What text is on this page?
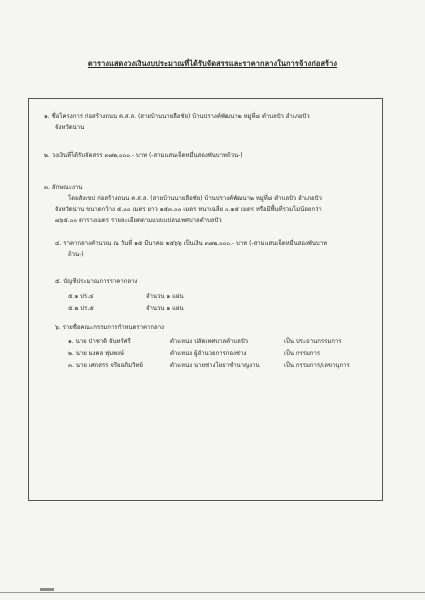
ตารางแสดงวงเงินงบประมาณที่ได้รับจัดสรรและราคากลางในการจ้างก่อสร้าง
๑. ชื่อโครงการ ก่อสร้างถนน ค.ส.ล. (สายบ้านนายลือชัย) บ้านปรางค์พัฒนา๒ หมู่ที่๘ ตำบลปัว อำเภอปัว
จังหวัดน่าน
๒. วงเงินที่ได้รับจัดสรร ๓๗๒,๐๐๐.- บาท (-สามแสนเจ็ดหมื่นสองพันบาทถ้วน-)
๓. ลักษณะงาน
โดยสังเขป ก่อสร้างถนน ค.ส.ล. (สายบ้านนายลือชัย) บ้านปรางค์พัฒนา๒ หมู่ที่๘ ตำบลปัว อำเภอปัว
จังหวัดน่าน ขนาดกว้าง ๕.๐๐ เมตร ยาว ๑๕๓.๐๐ เมตร หนาเฉลี่ย ๐.๑๕ เมตร หรือมีพื้นที่รวมไม่น้อยกว่า
๗๖๕.๐๐ ตารางเมตร รายละเอียดตามแบบแปลนเทศบาลตำบลปัว
๔. ราคากลางคำนวณ ณ วันที่ ๑๕ มีนาคม ๒๕๖๖ เป็นเงิน ๓๗๒,๐๐๐.- บาท (-สามแสนเจ็ดหมื่นสองพันบาท
ถ้วน-)
๕. บัญชีประมาณการราคากลาง
๕.๑ ปร.๔	จำนวน ๑ แผ่น
๕.๒ ปร.๕	จำนวน ๑ แผ่น
๖. รายชื่อคณะกรรมการกำหนดราคากลาง
๑. นาย ป่าชาติ จันทร์ศรี	ตำแหน่ง ปลัดเทศบาลตำบลปัว	เป็น ประธานกรรมการ
๒. นาย มงคล ทุ่มพงษ์	ตำแหน่ง ผู้อำนวยการกองช่าง	เป็น กรรมการ
๓. นาย เศกสรร จรียอภิมวิทย์	ตำแหน่ง นายช่างโยธาชำนาญงาน	เป็น กรรมการ/เลขานุการ
